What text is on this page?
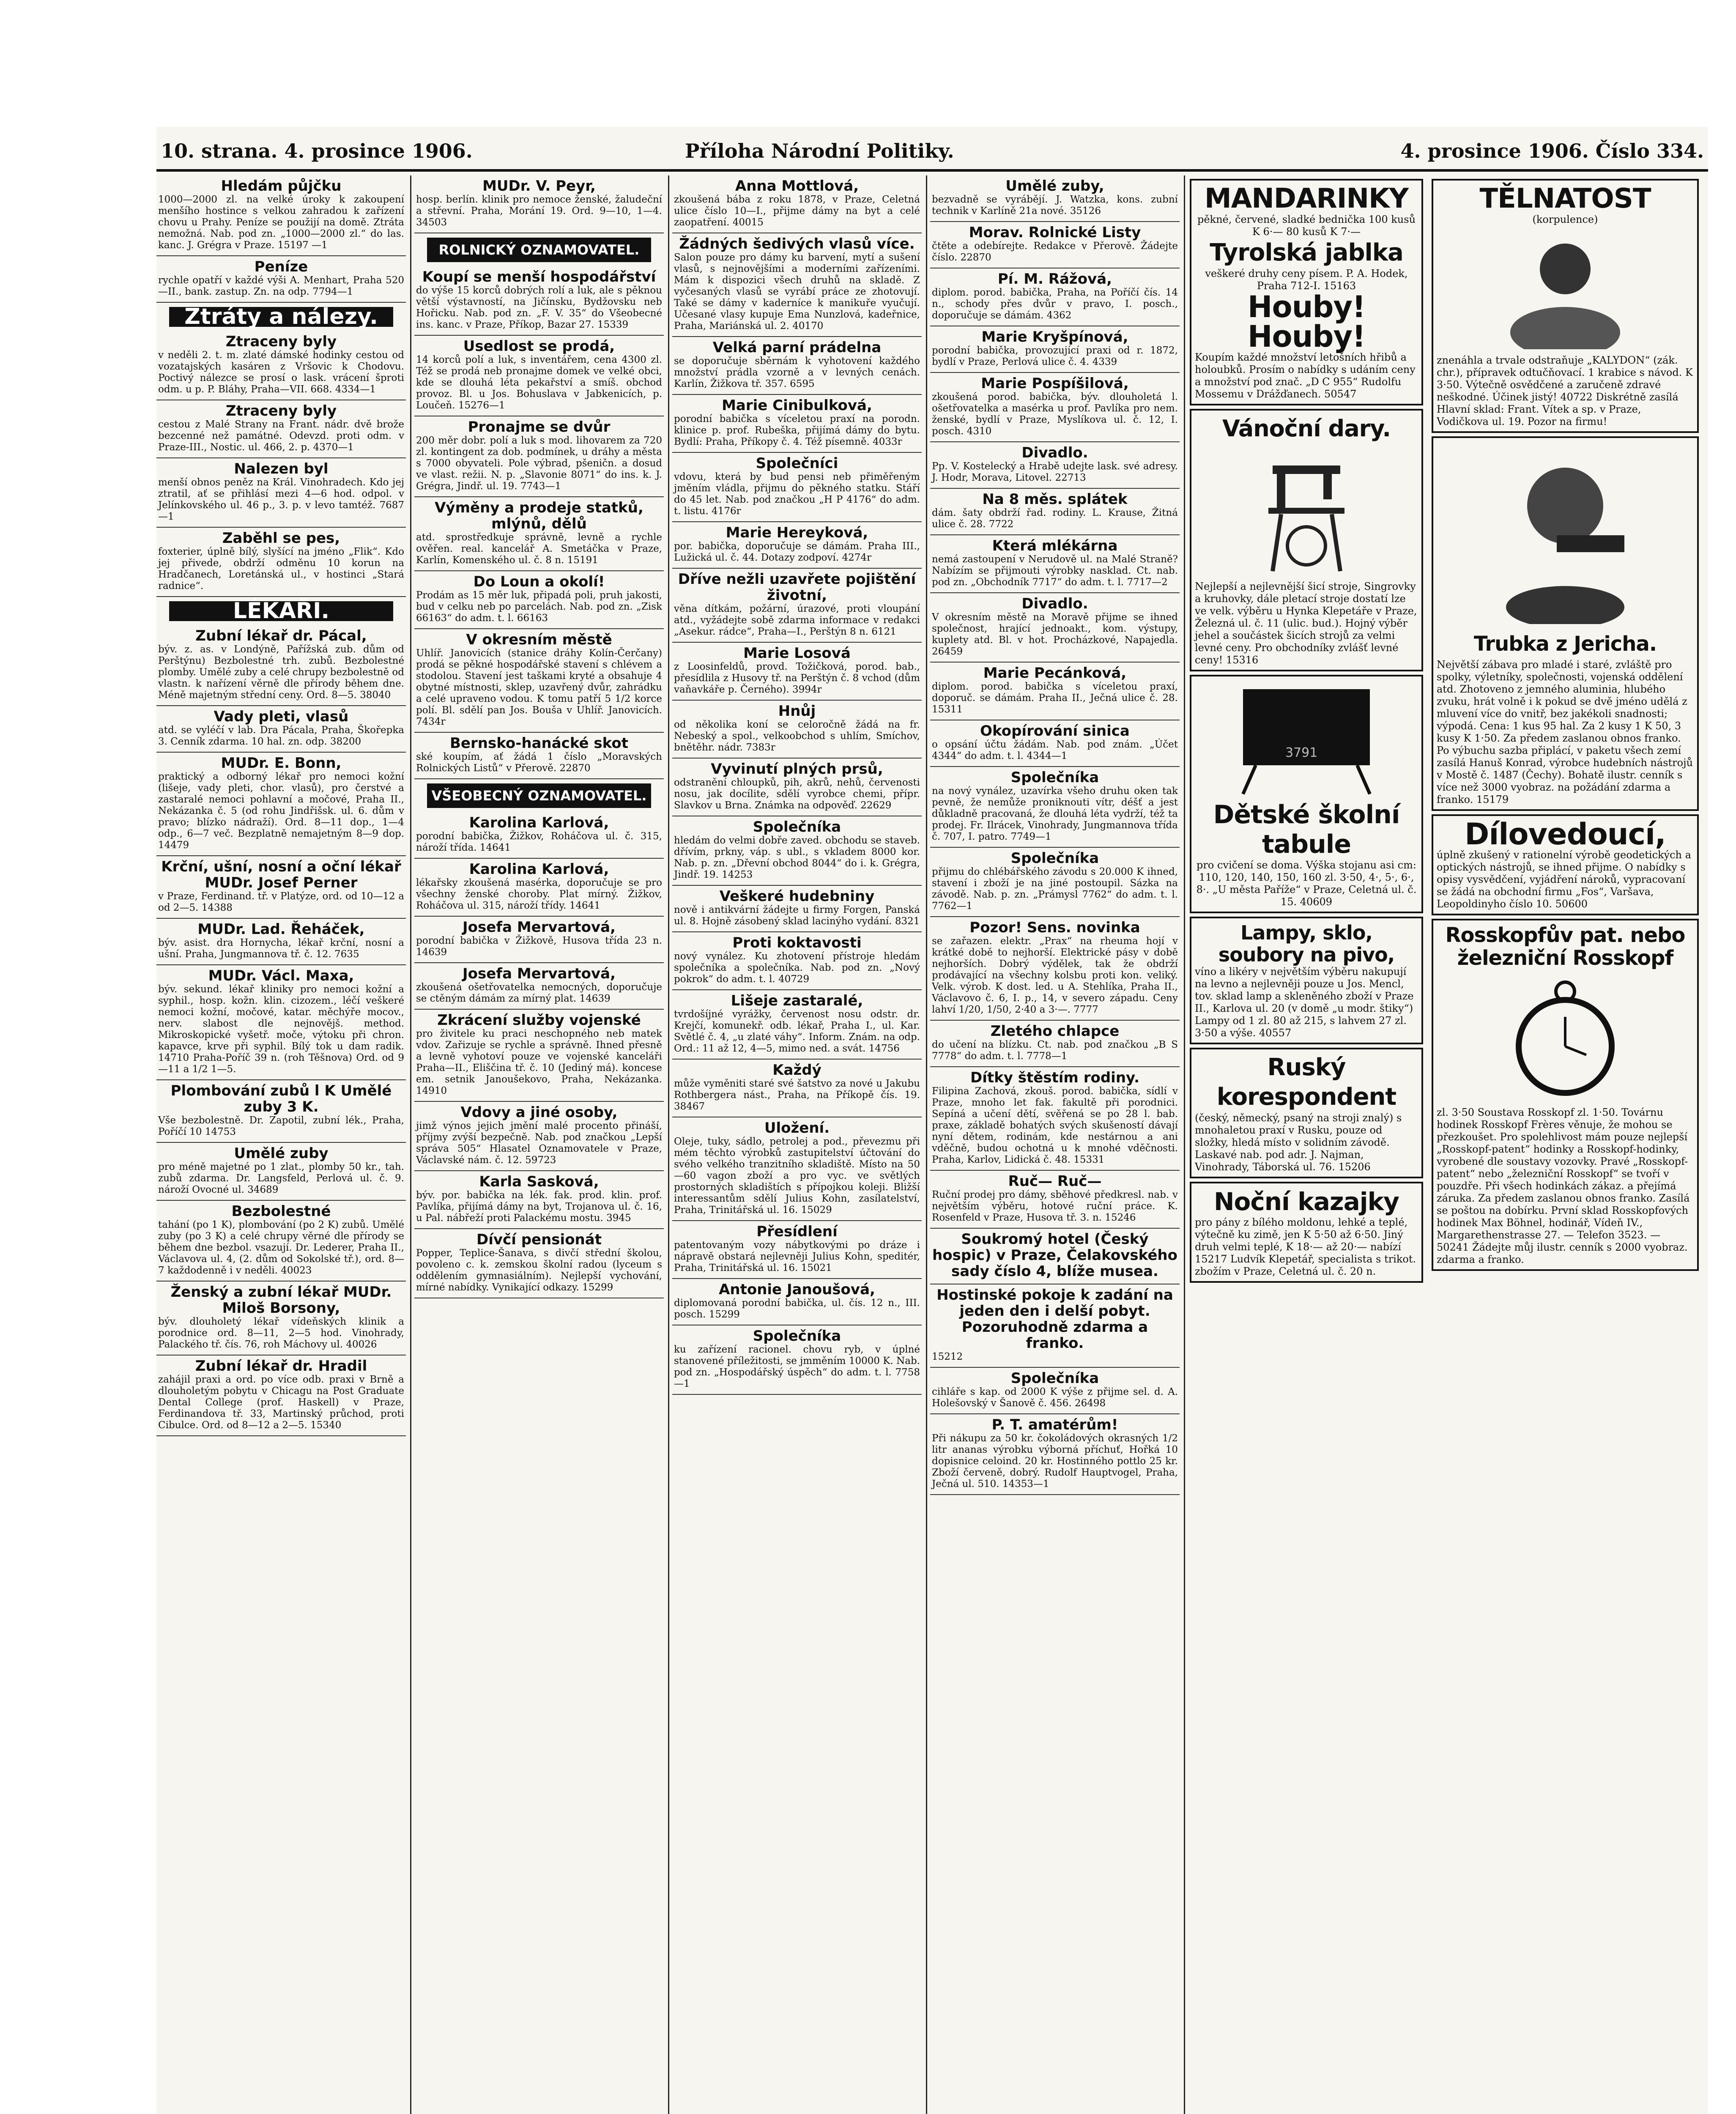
10. strana. 4. prosince 1906.	Příloha Národní Politiky.	4. prosince 1906. Číslo 334.
Hledám půjčku
1000—2000 zl. na velké úroky k zakoupení menšího hostince s velkou zahradou k zařízení chovu u Prahy. Peníze se použijí na domě. Ztráta nemožná. Nab. pod zn. „1000—2000 zl.“ do las. kanc. J. Grégra v Praze. 15197 —1
Peníze
rychle opatří v každé výši A. Menhart, Praha 520—II., bank. zastup. Zn. na odp. 7794—1
Ztráty a nálezy.
Ztraceny byly
v neděli 2. t. m. zlaté dámské hodinky cestou od vozatajských kasáren z Vršovic k Chodovu. Poctivý nálezce se prosí o lask. vrácení šproti odm. u p. P. Bláhy, Praha—VII. 668. 4334—1
Ztraceny byly
cestou z Malé Strany na Frant. nádr. dvě brože bezcenné než památné. Odevzd. proti odm. v Praze-III., Nostic. ul. 466, 2. p. 4370—1
Nalezen byl
menší obnos peněz na Král. Vinohradech. Kdo jej ztratil, ať se přihlásí mezi 4—6 hod. odpol. v Jelínkovského ul. 46 p., 3. p. v levo tamtéž. 7687—1
Zaběhl se pes,
foxterier, úplně bílý, slyšící na jméno „Flik“. Kdo jej přivede, obdrží odměnu 10 korun na Hradčanech, Loretánská ul., v hostinci „Stará radnice“.
LÉKAŘI.
Zubní lékař dr. Pácal,
býv. z. as. v Londýně, Pařížská zub. dům od Perštýnu) Bezbolestné trh. zubů. Bezbolestné plomby. Umělé zuby a celé chrupy bezbolestně od vlastn. k nařízení věrně dle přírody během dne. Méně majetným střední ceny. Ord. 8—5. 38040
Vady pleti, vlasů
atd. se vyléčí v lab. Dra Pácala, Praha, Škořepka 3. Cenník zdarma. 10 hal. zn. odp. 38200
MUDr. E. Bonn,
praktický a odborný lékař pro nemoci kožní (lišeje, vady pleti, chor. vlasů), pro čerstvé a zastaralé nemoci pohlavní a močové, Praha II., Nekázanka č. 5 (od rohu Jindřišsk. ul. 6. dům v pravo; blízko nádraží). Ord. 8—11 dop., 1—4 odp., 6—7 več. Bezplatně nemajetným 8—9 dop. 14479
Krční, ušní, nosní a oční lékař MUDr. Josef Perner
v Praze, Ferdinand. tř. v Platýze, ord. od 10—12 a od 2—5. 14388
MUDr. Lad. Řeháček,
býv. asist. dra Hornycha, lékař krční, nosní a ušní. Praha, Jungmannova tř. č. 12. 7635
MUDr. Václ. Maxa,
býv. sekund. lékař kliniky pro nemoci kožní a syphil., hosp. kožn. klin. cizozem., léčí veškeré nemoci kožní, močové, katar. měchýře mocov., nerv. slabost dle nejnovějš. method. Mikroskopické vyšetř. moče, výtoku při chron. kapavce, krve při syphil. Bílý tok u dam radik. 14710 Praha-Poříč 39 n. (roh Těšnova) Ord. od 9—11 a 1/2 1—5.
Plombování zubů l K Umělé zuby 3 K.
Vše bezbolestně. Dr. Zapotil, zubní lék., Praha, Poříčí 10 14753
Umělé zuby
pro méně majetné po 1 zlat., plomby 50 kr., tah. zubů zdarma. Dr. Langsfeld, Perlová ul. č. 9. nároží Ovocné ul. 34689
Bezbolestné
tahání (po 1 K), plombování (po 2 K) zubů. Umělé zuby (po 3 K) a celé chrupy věrné dle přírody se během dne bezbol. vsazují. Dr. Lederer, Praha II., Václavova ul. 4, (2. dům od Sokolské tř.), ord. 8—7 každodenně i v neděli. 40023
Ženský a zubní lékař MUDr. Miloš Borsony,
býv. dlouholetý lékař vídeňských klinik a porodnice ord. 8—11, 2—5 hod. Vinohrady, Palackého tř. čís. 76, roh Máchovy ul. 40026
Zubní lékař dr. Hradil
zahájil praxi a ord. po více odb. praxi v Brně a dlouholetým pobytu v Chicagu na Post Graduate Dental College (prof. Haskell) v Praze, Ferdinandova tř. 33, Martinský průchod, proti Cibulce. Ord. od 8—12 a 2—5. 15340
MUDr. V. Peyr,
hosp. berlín. klinik pro nemoce ženské, žaludeční a střevní. Praha, Morání 19. Ord. 9—10, 1—4. 34503
ROLNICKÝ OZNAMOVATEL.
Koupí se menší hospodářství
do výše 15 korců dobrých rolí a luk, ale s pěknou větší výstavností, na Jičínsku, Bydžovsku neb Hořicku. Nab. pod zn. „F. V. 35“ do Všeobecné ins. kanc. v Praze, Příkop, Bazar 27. 15339
Usedlost se prodá,
14 korců polí a luk, s inventářem, cena 4300 zl. Též se prodá neb pronajme domek ve velké obci, kde se dlouhá léta pekařství a smíš. obchod provoz. Bl. u Jos. Bohuslava v Jabkenicích, p. Loučeň. 15276—1
Pronajme se dvůr
200 měr dobr. polí a luk s mod. lihovarem za 720 zl. kontingent za dob. podmínek, u dráhy a města s 7000 obyvateli. Pole výbrad, pšeničn. a dosud ve vlast. režii. N. p. „Slavonie 8071“ do ins. k. J. Grégra, Jindř. ul. 19. 7743—1
Výměny a prodeje statků, mlýnů, dělů
atd. sprostředkuje správně, levně a rychle ověřen. real. kancelář A. Smetáčka v Praze, Karlín, Komenského ul. č. 8 n. 15191
Do Loun a okolí!
Prodám as 15 měr luk, připadá poli, pruh jakosti, bud v celku neb po parcelách. Nab. pod zn. „Zisk 66163“ do adm. t. l. 66163
V okresním městě
Uhlíř. Janovicích (stanice dráhy Kolín-Čerčany) prodá se pěkné hospodářské stavení s chlévem a stodolou. Stavení jest taškami kryté a obsahuje 4 obytné místnosti, sklep, uzavřený dvůr, zahrádku a celé upraveno vodou. K tomu patří 5 1/2 korce polí. Bl. sdělí pan Jos. Bouša v Uhlíř. Janovicích. 7434r
Bernsko-hanácké skot
ské koupím, ať žádá 1 číslo „Moravských Rolnických Listů“ v Přerově. 22870
VŠEOBECNÝ OZNAMOVATEL.
Karolina Karlová,
porodní babička, Žižkov, Roháčova ul. č. 315, nároží třída. 14641
Karolina Karlová,
lékařsky zkoušená masérka, doporučuje se pro všechny ženské choroby. Plat mírný. Žižkov, Roháčova ul. 315, nároží třídy. 14641
Josefa Mervartová,
porodní babička v Žižkově, Husova třída 23 n. 14639
Josefa Mervartová,
zkoušená ošetřovatelka nemocných, doporučuje se ctěným dámám za mírný plat. 14639
Zkrácení služby vojenské
pro živitele ku praci neschopného neb matek vdov. Zařizuje se rychle a správně. Ihned přesně a levně vyhotoví pouze ve vojenské kanceláři Praha—II., Eliščina tř. č. 10 (Jediný má). koncese em. setnik Janoušekovo, Praha, Nekázanka. 14910
Vdovy a jiné osoby,
jimž výnos jejich jmění malé procento přináší, příjmy zvýší bezpečně. Nab. pod značkou „Lepší správa 505“ Hlasatel Oznamovatele v Praze, Václavské nám. č. 12. 59723
Karla Sasková,
býv. por. babička na lék. fak. prod. klin. prof. Pavlíka, přijímá dámy na byt, Trojanova ul. č. 16, u Pal. nábřeží proti Palackému mostu. 3945
Dívčí pensionát
Popper, Teplice-Šanava, s divčí střední školou, povoleno c. k. zemskou školní radou (lyceum s oddělením gymnasiálním). Nejlepší vychování, mírné nabídky. Vynikající odkazy. 15299
Anna Mottlová,
zkoušená bába z roku 1878, v Praze, Celetná ulice číslo 10—I., přijme dámy na byt a celé zaopatření. 40015
Žádných šedivých vlasů více.
Salon pouze pro dámy ku barvení, mytí a sušení vlasů, s nejnovějšími a moderními zařízeními. Mám k dispozici všech druhů na skladě. Z vyčesaných vlasů se vyrábí práce ze zhotovují. Také se dámy v kaderníce k manikuře vyučují. Učesané vlasy kupuje Ema Nunzlová, kadeřnice, Praha, Mariánská ul. 2. 40170
Velká parní prádelna
se doporučuje sběrnám k vyhotovení každého množství prádla vzorně a v levných cenách. Karlín, Žižkova tř. 357. 6595
Marie Cinibulková,
porodní babička s víceletou praxí na porodn. klinice p. prof. Rubeška, přijímá dámy do bytu. Bydlí: Praha, Příkopy č. 4. Též písemně. 4033r
Společníci
vdovu, která by bud pensi neb přiměřeným jměním vládla, přijmu do pěkného statku. Stáří do 45 let. Nab. pod značkou „H P 4176“ do adm. t. listu. 4176r
Marie Hereyková,
por. babička, doporučuje se dámám. Praha III., Lužická ul. č. 44. Dotazy zodpoví. 4274r
Dříve nežli uzavřete pojištění životní,
věna dítkám, požární, úrazové, proti vloupání atd., vyžádejte sobě zdarma informace v redakci „Asekur. rádce“, Praha—I., Perštýn 8 n. 6121
Marie Losová
z Loosinfeldů, provd. Tožičková, porod. bab., přesídlila z Husovy tř. na Perštýn č. 8 vchod (dům vaňavkáře p. Černého). 3994r
Hnůj
od několika koní se celoročně žádá na fr. Nebeský a spol., velkoobchod s uhlím, Smíchov, bnětěhr. nádr. 7383r
Vyvinutí plných prsů,
odstranění chloupků, pih, akrů, nehů, červenosti nosu, jak docílite, sdělí vyrobce chemi, přípr. Slavkov u Brna. Známka na odpověď. 22629
Společníka
hledám do velmi dobře zaved. obchodu se staveb. dřívím, prkny, váp. s ubl., s vkladem 8000 kor. Nab. p. zn. „Dřevní obchod 8044“ do i. k. Grégra, Jindř. 19. 14253
Veškeré hudebniny
nově i antikvární žádejte u firmy Forgen, Panská ul. 8. Hojně zásobený sklad lacinýho vydání. 8321
Proti koktavosti
nový vynález. Ku zhotovení přístroje hledám společníka a společníka. Nab. pod zn. „Nový pokrok“ do adm. t. l. 40729
Lišeje zastaralé,
tvrdošíjné vyrážky, červenost nosu odstr. dr. Krejčí, komunekř. odb. lékař, Praha I., ul. Kar. Světlé č. 4, „u zlaté váhy“. Inform. Znám. na odp. Ord.: 11 až 12, 4—5, mimo ned. a svát. 14756
Každý
může vyměniti staré své šatstvo za nové u Jakubu Rothbergera nást., Praha, na Příkopě čís. 19. 38467
Uložení.
Oleje, tuky, sádlo, petrolej a pod., převezmu při mém těchto výrobků zastupitelství účtování do svého velkého tranzitního skladiště. Místo na 50—60 vagon zboží a pro vyc. ve světlých prostorných skladištích s přípojkou koleji. Bližší interessantům sdělí Julius Kohn, zasílatelství, Praha, Trinitářská ul. 16. 15029
Přesídlení
patentovaným vozy nábytkovými po dráze i nápravě obstará nejlevněji Julius Kohn, speditér, Praha, Trinitářská ul. 16. 15021
Antonie Janoušová,
diplomovaná porodní babička, ul. čís. 12 n., III. posch. 15299
Společníka
ku zařízení racionel. chovu ryb, v úplné stanovené příležitosti, se jmměním 10000 K. Nab. pod zn. „Hospodářský úspěch“ do adm. t. l. 7758—1
Umělé zuby,
bezvadně se vyrábějí. J. Watzka, kons. zubní technik v Karlíně 21a nové. 35126
Morav. Rolnické Listy
čtěte a odebírejte. Redakce v Přerově. Žádejte číslo. 22870
Pí. M. Rážová,
diplom. porod. babička, Praha, na Poříčí čís. 14 n., schody přes dvůr v pravo, I. posch., doporučuje se dámám. 4362
Marie Kryšpínová,
porodní babička, provozující praxi od r. 1872, bydlí v Praze, Perlová ulice č. 4. 4339
Marie Pospíšilová,
zkoušená porod. babička, býv. dlouholetá l. ošetřovatelka a masérka u prof. Pavlíka pro nem. ženské, bydlí v Praze, Myslíkova ul. č. 12, I. posch. 4310
Divadlo.
Pp. V. Kostelecký a Hrabě udejte lask. své adresy. J. Hodr, Morava, Litovel. 22713
Na 8 měs. splátek
dám. šaty obdrží řad. rodiny. L. Krause, Žitná ulice č. 28. 7722
Která mlékárna
nemá zastoupení v Nerudově ul. na Malé Straně? Nabízím se přijmouti výrobky nasklad. Ct. nab. pod zn. „Obchodník 7717“ do adm. t. l. 7717—2
Divadlo.
V okresním městě na Moravě přijme se ihned společnost, hrající jednoakt., kom. výstupy, kuplety atd. Bl. v hot. Procházkové, Napajedla. 26459
Marie Pecánková,
diplom. porod. babička s víceletou praxí, doporuč. se dámám. Praha II., Ječná ulice č. 28. 15311
Okopírování sinica
o opsání účtu žádám. Nab. pod znám. „Účet 4344“ do adm. t. l. 4344—1
Společníka
na nový vynález, uzavírka všeho druhu oken tak pevně, že nemůže proniknouti vítr, déšť a jest důkladně pracovaná, že dlouhá léta vydrží, též ta prodej. Fr. Ilrácek, Vinohrady, Jungmannova třída č. 707, I. patro. 7749—1
Společníka
přijmu do chlébářského závodu s 20.000 K ihned, stavení i zboží je na jiné postoupil. Sázka na závodě. Nab. p. zn. „Prámysl 7762“ do adm. t. l. 7762—1
Pozor! Sens. novinka
se zařazen. elektr. „Prax“ na rheuma hojí v krátké době to nejhorší. Elektrické pásy v době nejhorších. Dobrý výdělek, tak že obdrží prodávající na všechny kolsbu proti kon. veliký. Velk. výrob. K dost. led. u A. Stehlíka, Praha II., Václavovo č. 6, I. p., 14, v severo západu. Ceny lahví 1/20, 1/50, 2·40 a 3·—. 7777
Zletého chlapce
do učení na blízku. Ct. nab. pod značkou „B S 7778“ do adm. t. l. 7778—1
Dítky štěstím rodiny.
Filipina Zachová, zkouš. porod. babička, sídlí v Praze, mnoho let fak. fakultě při porodnici. Sepíná a učení dětí, svěřená se po 28 l. bab. praxe, základě bohatých svých skušeností dávají nyní dětem, rodinám, kde nestárnou a ani vděčně, budou ochotná u k mnohé vděčnosti. Praha, Karlov, Lidická č. 48. 15331
Ruč— Ruč—
Ruční prodej pro dámy, sběhové předkresl. nab. v největším výběru, hotové ruční práce. K. Rosenfeld v Praze, Husova tř. 3. n. 15246
Soukromý hotel (Český hospic) v Praze, Čelakovského sady číslo 4, blíže musea.
Hostinské pokoje k zadání na jeden den i delší pobyt. Pozoruhodně zdarma a franko.
15212
Společníka
cihláře s kap. od 2000 K výše z přijme sel. d. A. Holešovský v Šanově č. 456. 26498
P. T. amatérům!
Při nákupu za 50 kr. čokoládových okrasných 1/2 litr ananas výrobku výborná příchuť, Hořká 10 dopisnice celoind. 20 kr. Hostinného pottlo 25 kr. Zboží červeně, dobrý. Rudolf Hauptvogel, Praha, Ječná ul. 510. 14353—1
MANDARINKY
pěkné, červené, sladké bednička 100 kusů K 6·— 80 kusů K 7·—
Tyrolská jablka
veškeré druhy ceny písem. P. A. Hodek, Praha 712-I. 15163
Houby! Houby!
Koupím každé množství letošních hřibů a holoubků. Prosím o nabídky s udáním ceny a množství pod znač. „D C 955“ Rudolfu Mossemu v Drážďanech. 50547
Vánoční dary.
Nejlepší a nejlevnější šicí stroje, Singrovky a kruhovky, dále pletací stroje dostatí lze ve velk. výběru u Hynka Klepetáře v Praze, Železná ul. č. 11 (ulic. bud.). Hojný výběr jehel a součástek šicích strojů za velmi levné ceny. Pro obchodníky zvlášť levné ceny! 15316
3791
Dětské školní tabule
pro cvičení se doma. Výška stojanu asi cm: 110, 120, 140, 150, 160 zl. 3·50, 4·, 5·, 6·, 8·. „U města Paříže“ v Praze, Celetná ul. č. 15. 40609
Lampy, sklo, soubory na pivo,
víno a likéry v největším výběru nakupují na levno a nejlevněji pouze u Jos. Mencl, tov. sklad lamp a skleněného zboží v Praze II., Karlova ul. 20 (v domě „u modr. štiky“) Lampy od 1 zl. 80 až 215, s lahvem 27 zl. 3·50 a výše. 40557
Ruský korespondent
(český, německý, psaný na stroji znalý) s mnohaletou praxí v Rusku, pouze od složky, hledá místo v solidním závodě. Laskavé nab. pod adr. J. Najman, Vinohrady, Táborská ul. 76. 15206
Noční kazajky
pro pány z bílého moldonu, lehké a teplé, výtečně ku zimě, jen K 5·50 až 6·50. Jiný druh velmi teplé, K 18·— až 20·— nabízí 15217 Ludvík Klepetář, specialista s trikot. zbožím v Praze, Celetná ul. č. 20 n.
TĚLNATOST
(korpulence)
znenáhla a trvale odstraňuje „KALYDON“ (zák. chr.), přípravek odtučňovací. 1 krabice s návod. K 3·50. Výtečně osvědčené a zaručeně zdravé neškodné. Účinek jistý! 40722 Diskrétně zasílá Hlavní sklad: Frant. Vítek a sp. v Praze, Vodičkova ul. 19. Pozor na firmu!
Trubka z Jericha.
Největší zábava pro mladé i staré, zvláště pro spolky, výletníky, společnosti, vojenská oddělení atd. Zhotoveno z jemného aluminia, hlubého zvuku, hrát volně i k pokud se dvě jméno udělá z mluvení více do vnitř, bez jakékoli snadnosti; výpodá. Cena: 1 kus 95 hal. Za 2 kusy 1 K 50, 3 kusy K 1·50. Za předem zaslanou obnos franko. Po výbuchu sazba připlácí, v paketu všech zemí zasílá Hanuš Konrad, výrobce hudebních nástrojů v Mostě č. 1487 (Čechy). Bohatě ilustr. cenník s více než 3000 vyobraz. na požádání zdarma a franko. 15179
Dílovedoucí,
úplně zkušený v rationelní výrobě geodetických a optických nástrojů, se ihned přijme. O nabídky s opisy vysvědčení, vyjádření nároků, vypracovaní se žádá na obchodní firmu „Fos“, Varšava, Leopoldinyho číslo 10. 50600
Rosskopfův pat. nebo železniční Rosskopf
zl. 3·50 Soustava Rosskopf zl. 1·50. Továrnu hodinek Rosskopf Frères věnuje, že mohou se přezkoušet. Pro spolehlivost mám pouze nejlepší „Rosskopf-patent“ hodinky a Rosskopf-hodinky, vyrobené dle soustavy vozovky. Pravé „Rosskopf-patent“ nebo „železniční Rosskopf“ se tvoří v pouzdře. Při všech hodinkách zákaz. a přejímá záruka. Za předem zaslanou obnos franko. Zasílá se poštou na dobírku. První sklad Rosskopfových hodinek Max Böhnel, hodinář, Vídeň IV., Margarethenstrasse 27. — Telefon 3523. — 50241 Žádejte můj ilustr. cenník s 2000 vyobraz. zdarma a franko.
